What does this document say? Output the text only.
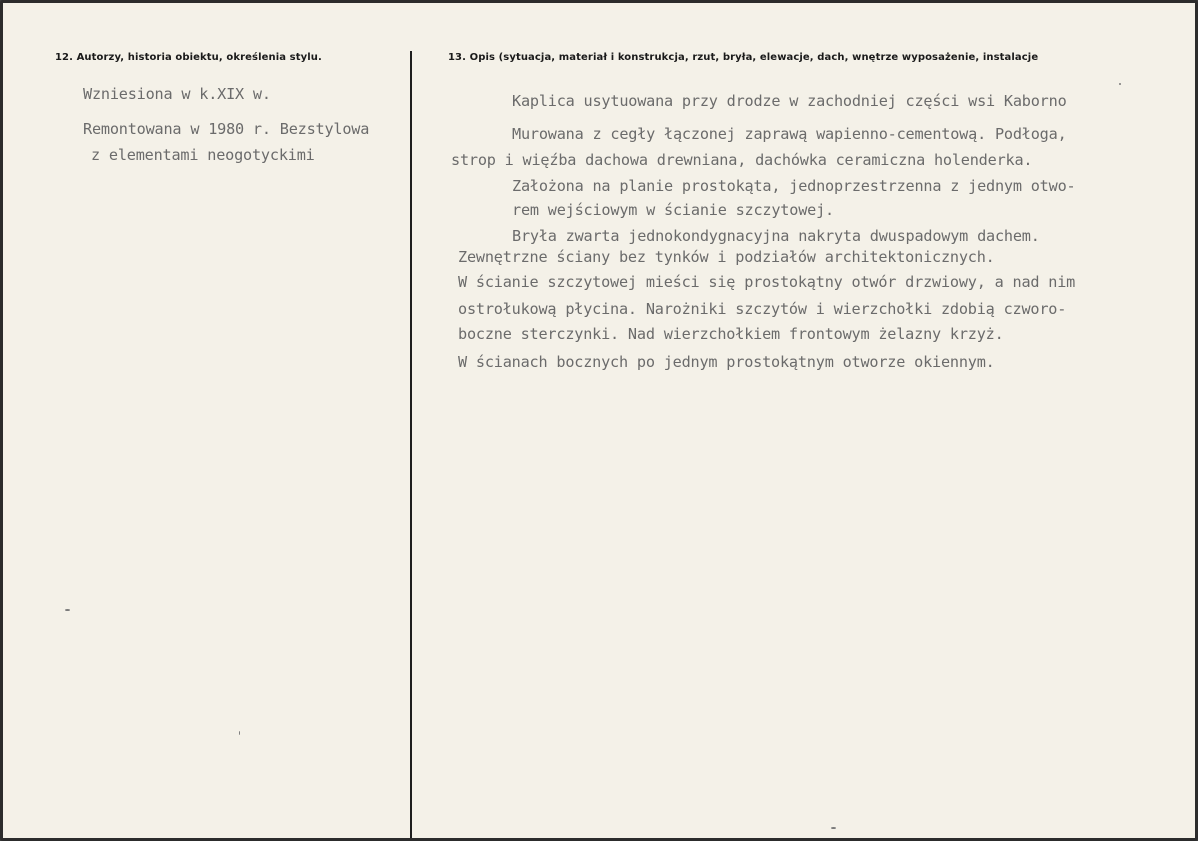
12. Autorzy, historia obiektu, określenia stylu.	13. Opis (sytuacja, materiał i konstrukcja, rzut, bryła, elewacje, dach, wnętrze wyposażenie, instalacje
Wzniesiona w k.XIX w.
Remontowana w 1980 r. Bezstylowa
z elementami neogotyckimi
Kaplica usytuowana przy drodze w zachodniej części wsi Kaborno
Murowana z cegły łączonej zaprawą wapienno-cementową. Podłoga,
strop i więźba dachowa drewniana, dachówka ceramiczna holenderka.
Założona na planie prostokąta, jednoprzestrzenna z jednym otwo-
rem wejściowym w ścianie szczytowej.
Bryła zwarta jednokondygnacyjna nakryta dwuspadowym dachem.
Zewnętrzne ściany bez tynków i podziałów architektonicznych.
W ścianie szczytowej mieści się prostokątny otwór drzwiowy, a nad nim
ostrołukową płycina. Narożniki szczytów i wierzchołki zdobią czworo-
boczne sterczynki. Nad wierzchołkiem frontowym żelazny krzyż.
W ścianach bocznych po jednym prostokątnym otworze okiennym.
